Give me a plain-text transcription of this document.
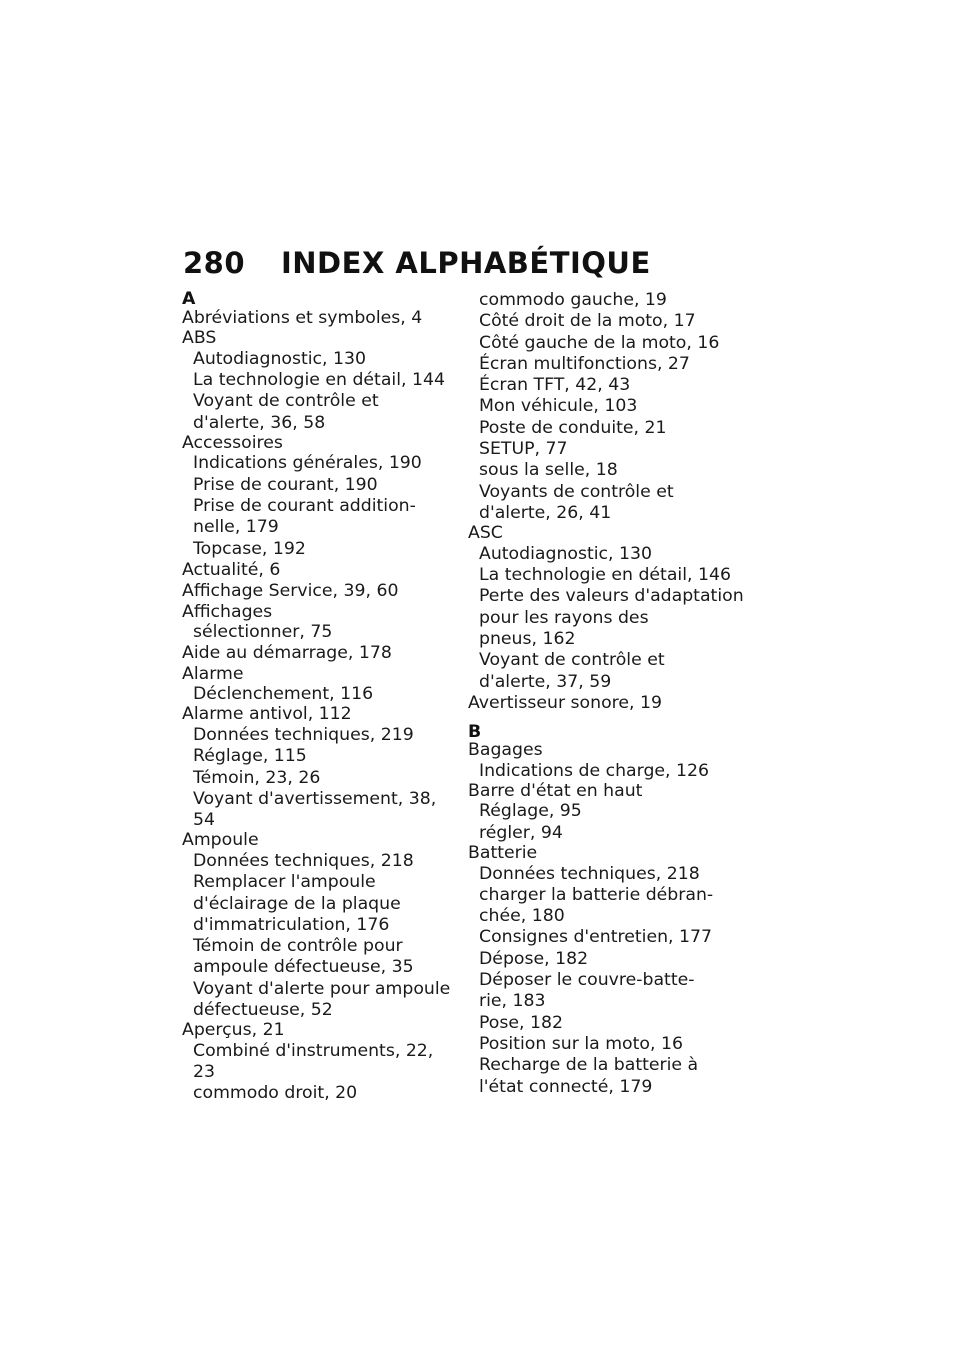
280 INDEX ALPHABÉTIQUE
A
Abréviations et symboles, 4
ABS
Autodiagnostic, 130
La technologie en détail, 144
Voyant de contrôle et
d'alerte, 36, 58
Accessoires
Indications générales, 190
Prise de courant, 190
Prise de courant addition-
nelle, 179
Topcase, 192
Actualité, 6
Affichage Service, 39, 60
Affichages
sélectionner, 75
Aide au démarrage, 178
Alarme
Déclenchement, 116
Alarme antivol, 112
Données techniques, 219
Réglage, 115
Témoin, 23, 26
Voyant d'avertissement, 38,
54
Ampoule
Données techniques, 218
Remplacer l'ampoule
d'éclairage de la plaque
d'immatriculation, 176
Témoin de contrôle pour
ampoule défectueuse, 35
Voyant d'alerte pour ampoule
défectueuse, 52
Aperçus, 21
Combiné d'instruments, 22,
23
commodo droit, 20
commodo gauche, 19
Côté droit de la moto, 17
Côté gauche de la moto, 16
Écran multifonctions, 27
Écran TFT, 42, 43
Mon véhicule, 103
Poste de conduite, 21
SETUP, 77
sous la selle, 18
Voyants de contrôle et
d'alerte, 26, 41
ASC
Autodiagnostic, 130
La technologie en détail, 146
Perte des valeurs d'adaptation
pour les rayons des
pneus, 162
Voyant de contrôle et
d'alerte, 37, 59
Avertisseur sonore, 19
B
Bagages
Indications de charge, 126
Barre d'état en haut
Réglage, 95
régler, 94
Batterie
Données techniques, 218
charger la batterie débran-
chée, 180
Consignes d'entretien, 177
Dépose, 182
Déposer le couvre-batte-
rie, 183
Pose, 182
Position sur la moto, 16
Recharge de la batterie à
l'état connecté, 179
